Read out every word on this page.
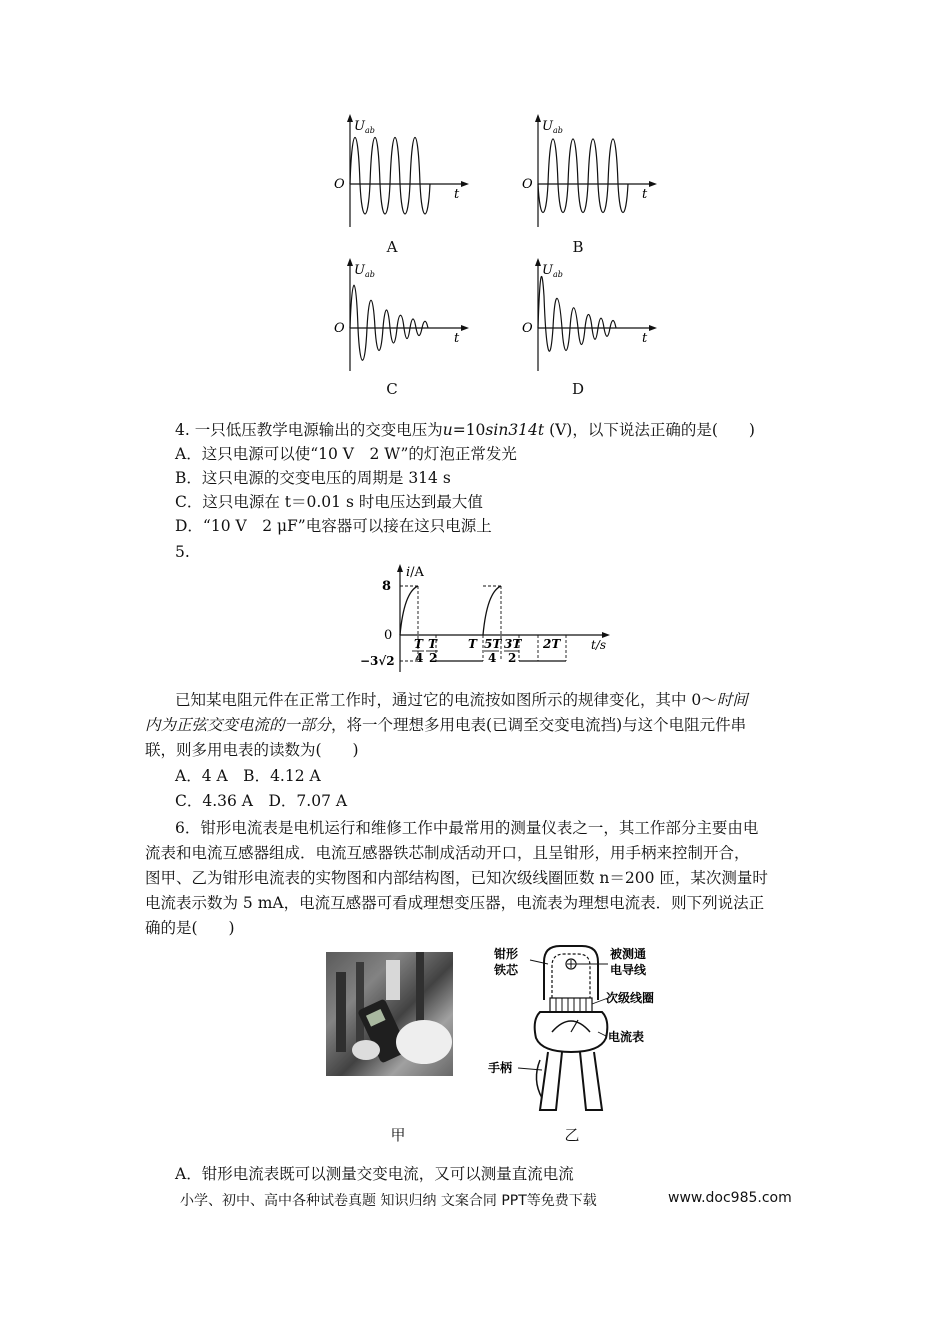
$U_{ab}$
O
t
A
$U_{ab}$
O
t
B
$U_{ab}$
O
t
C
$U_{ab}$
O
t
D
4. 一只低压教学电源输出的交变电压为u=10sin314t (V)，以下说法正确的是(　　)
A．这只电源可以使“10 V　2 W”的灯泡正常发光
B．这只电源的交变电压的周期是 314 s
C．这只电源在 t＝0.01 s 时电压达到最大值
D．“10 V　2 μF”电容器可以接在这只电源上
5.
i/A
8
0
−3√2
t/s
T
4
T
2
T 5T
4
3T
2
2T
已知某电阻元件在正常工作时，通过它的电流按如图所示的规律变化，其中 0～时间
内为正弦交变电流的一部分，将一个理想多用电表(已调至交变电流挡)与这个电阻元件串
联，则多用电表的读数为(　　)
A．4 A　B．4.12 A
C．4.36 A　D．7.07 A
6．钳形电流表是电机运行和维修工作中最常用的测量仪表之一，其工作部分主要由电
流表和电流互感器组成．电流互感器铁芯制成活动开口，且呈钳形，用手柄来控制开合，
图甲、乙为钳形电流表的实物图和内部结构图，已知次级线圈匝数 n＝200 匝，某次测量时
电流表示数为 5 mA，电流互感器可看成理想变压器，电流表为理想电流表．则下列说法正
确的是(　　)
钳形
铁芯
被测通
电导线
次级线圈
电流表
手柄
甲	乙
A．钳形电流表既可以测量交变电流，又可以测量直流电流
小学、初中、高中各种试卷真题 知识归纳 文案合同 PPT等免费下载	www.doc985.com
